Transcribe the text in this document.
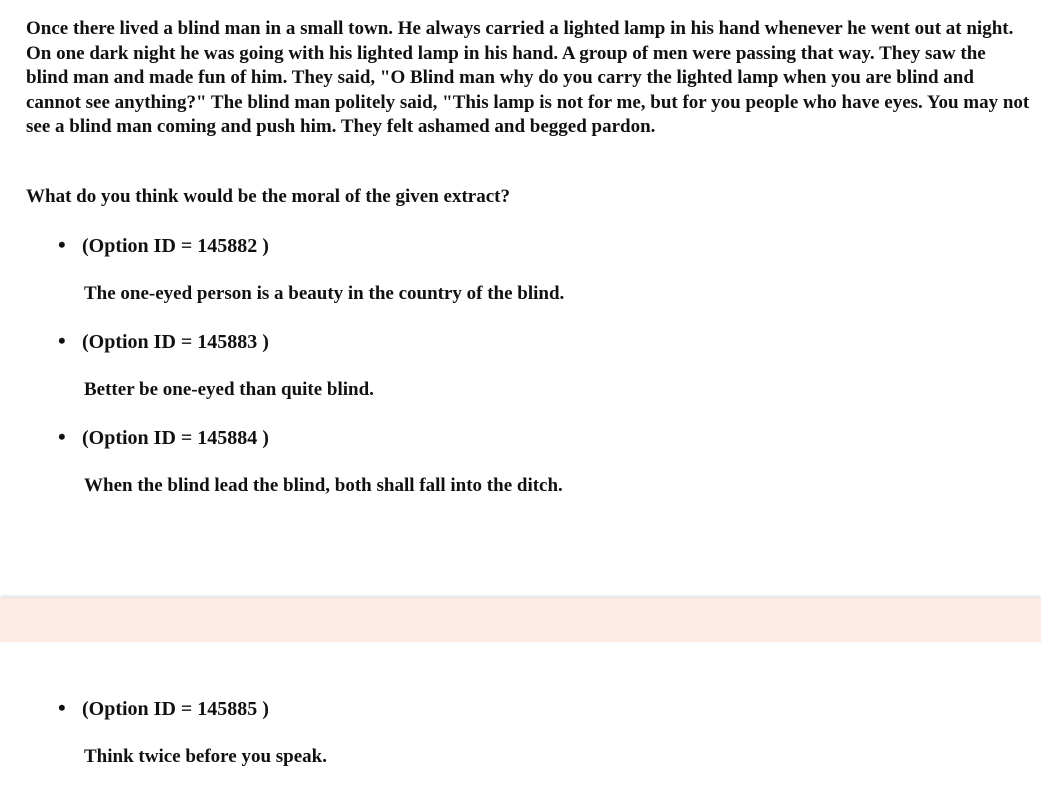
Once there lived a blind man in a small town. He always carried a lighted lamp in his hand whenever he went out at night. On one dark night he was going with his lighted lamp in his hand. A group of men were passing that way. They saw the blind man and made fun of him. They said, "O Blind man why do you carry the lighted lamp when you are blind and cannot see anything?" The blind man politely said, "This lamp is not for me, but for you people who have eyes. You may not see a blind man coming and push him. They felt ashamed and begged pardon.

What do you think would be the moral of the given extract?

• (Option ID = 145882 )
The one-eyed person is a beauty in the country of the blind.
• (Option ID = 145883 )
Better be one-eyed than quite blind.
• (Option ID = 145884 )
When the blind lead the blind, both shall fall into the ditch.
• (Option ID = 145885 )
Think twice before you speak.
